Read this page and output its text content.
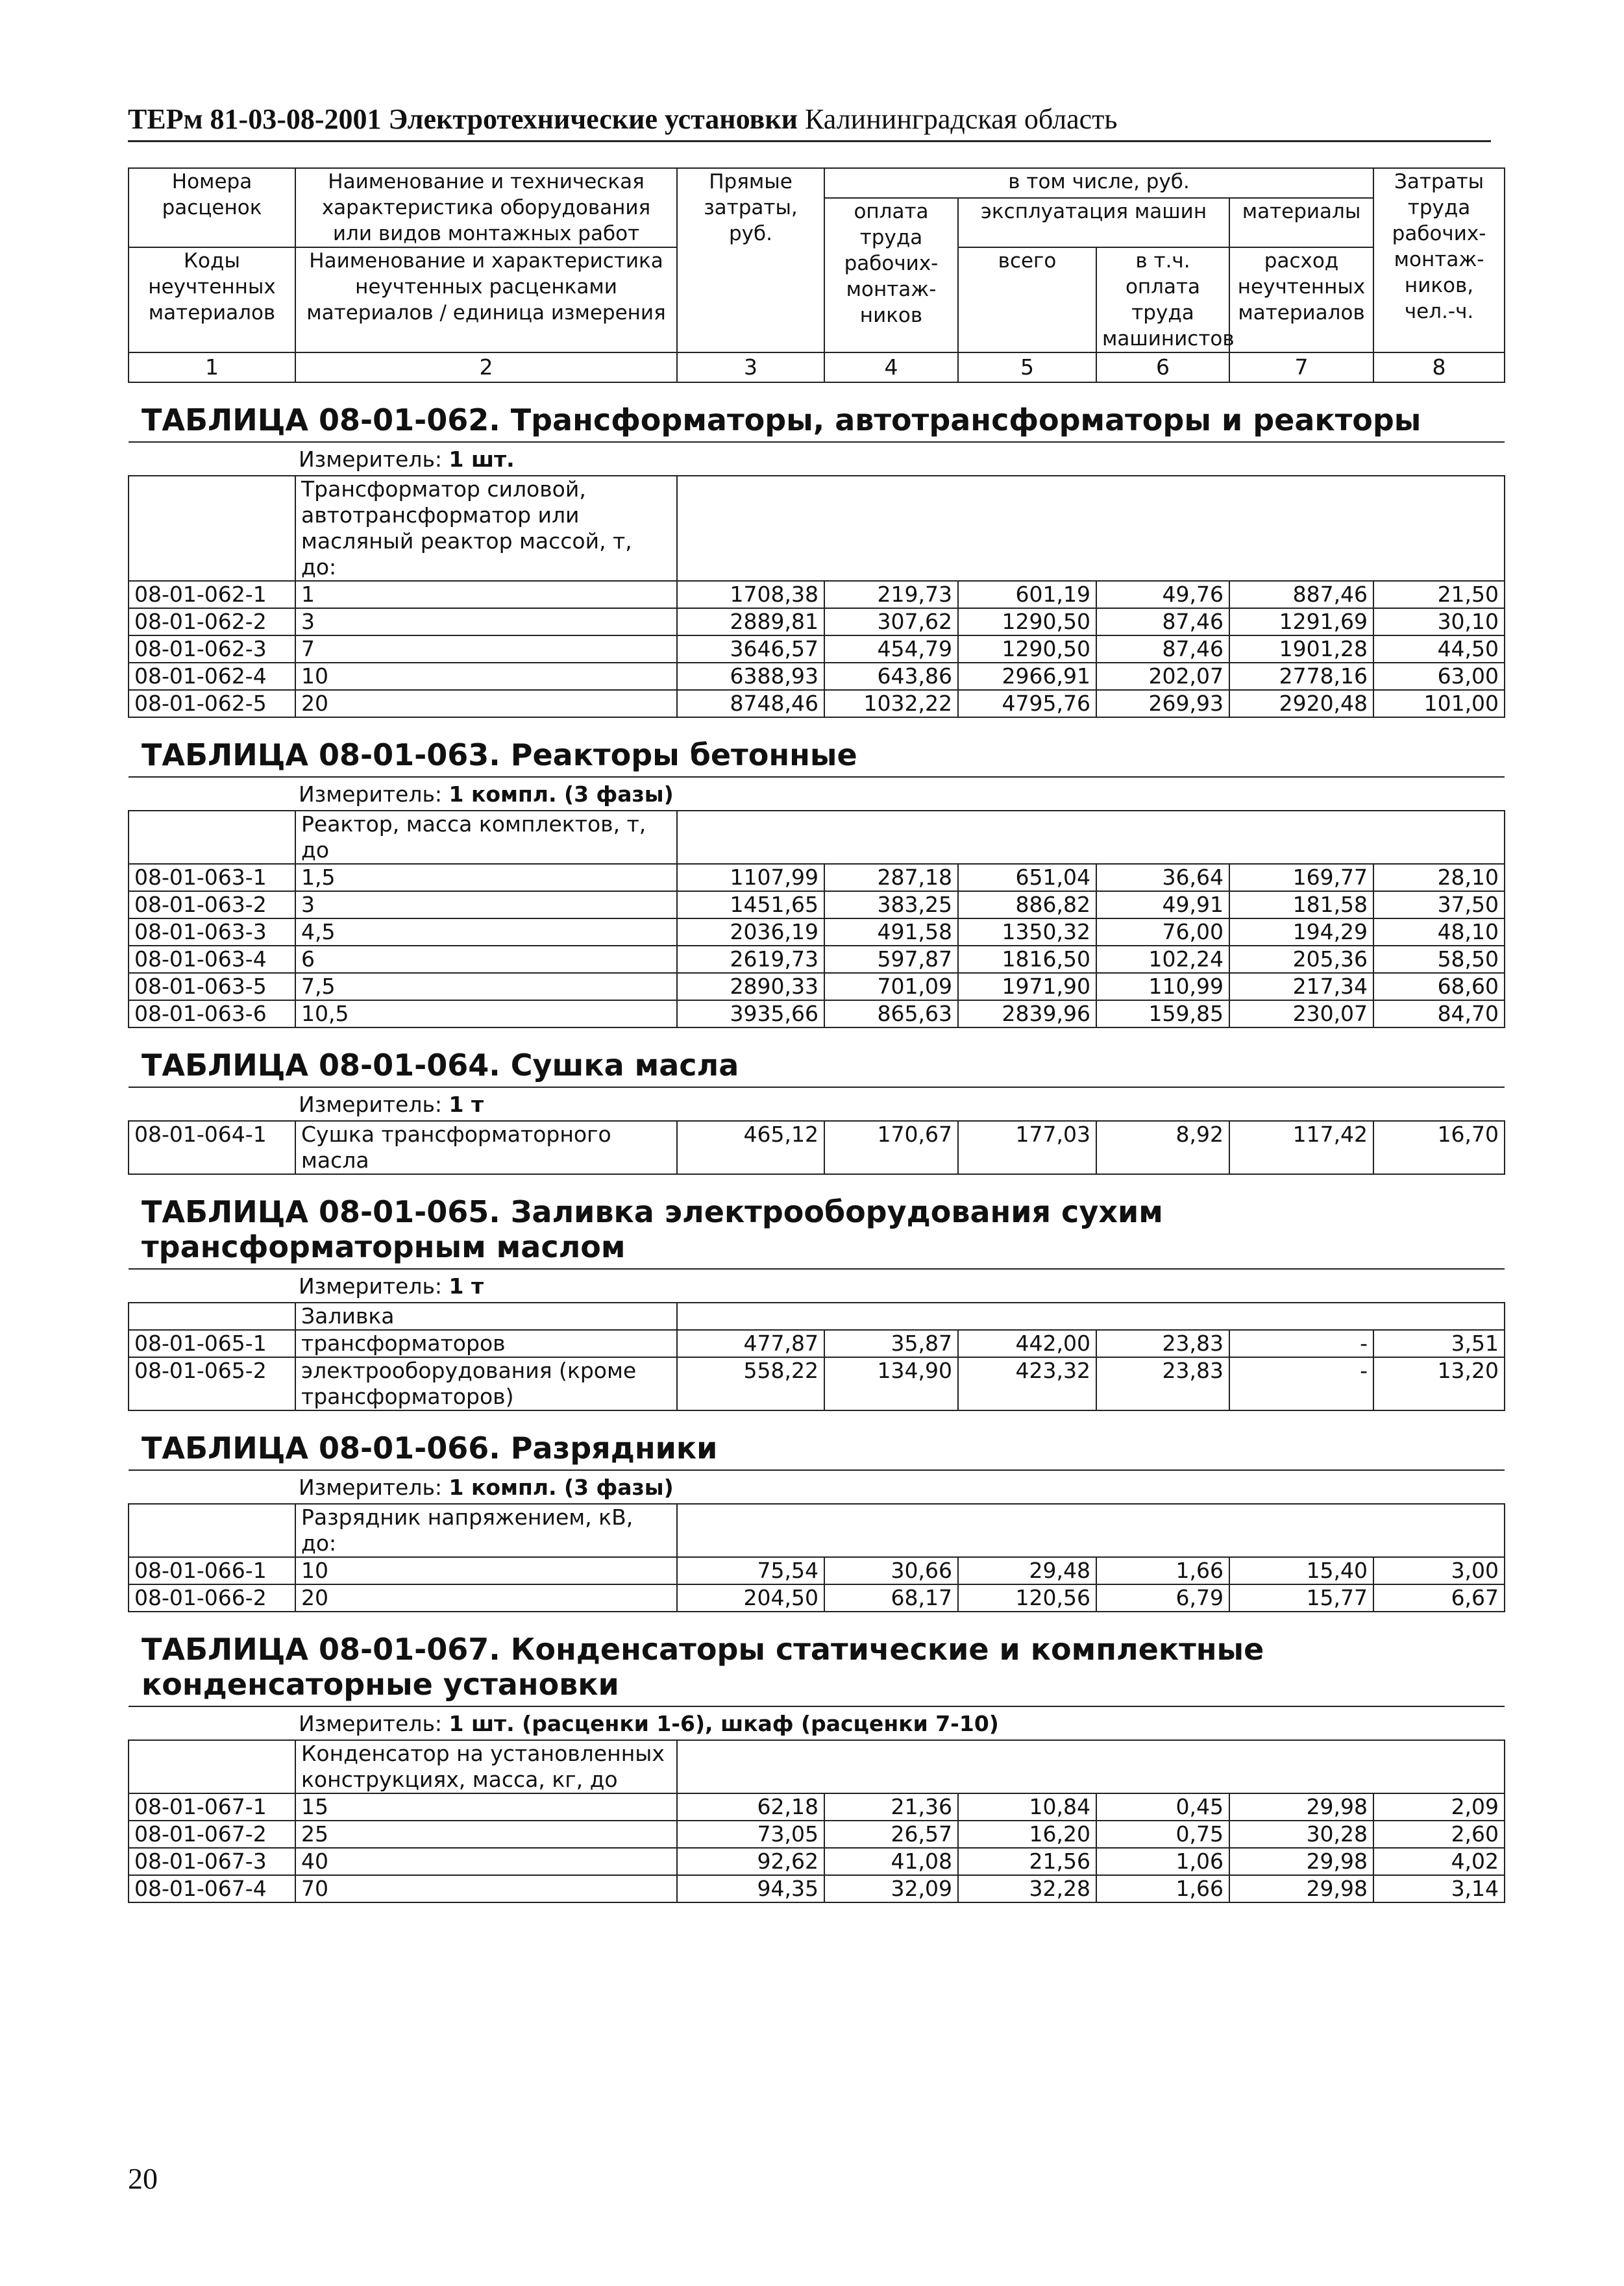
ТЕРм 81-03-08-2001 Электротехнические установки Калининградская область
Номера расценок	Наименование и техническая характеристика оборудования или видов монтажных работ	Прямые затраты, руб.	в том числе, руб.				Затраты труда рабочих-монтаж-ников, чел.-ч.
			оплата труда рабочих-монтаж-ников	эксплуатация машин		материалы	
Коды неучтенных материалов	Наименование и характеристика неучтенных расценками материалов / единица измерения			всего	в т.ч. оплата труда машинистов	расход неучтенных материалов	

1	2	3	4	5	6	7	8
ТАБЛИЦА 08-01-062. Трансформаторы, автотрансформаторы и реакторы							
Измеритель: 1 шт.							
	Трансформатор силовой, автотрансформатор или масляный реактор массой, т, до:						
08-01-062-1	1	1708,38	219,73	601,19	49,76	887,46	21,50
08-01-062-2	3	2889,81	307,62	1290,50	87,46	1291,69	30,10
08-01-062-3	7	3646,57	454,79	1290,50	87,46	1901,28	44,50
08-01-062-4	10	6388,93	643,86	2966,91	202,07	2778,16	63,00
08-01-062-5	20	8748,46	1032,22	4795,76	269,93	2920,48	101,00
ТАБЛИЦА 08-01-063. Реакторы бетонные							
Измеритель: 1 компл. (3 фазы)							
	Реактор, масса комплектов, т, до						
08-01-063-1	1,5	1107,99	287,18	651,04	36,64	169,77	28,10
08-01-063-2	3	1451,65	383,25	886,82	49,91	181,58	37,50
08-01-063-3	4,5	2036,19	491,58	1350,32	76,00	194,29	48,10
08-01-063-4	6	2619,73	597,87	1816,50	102,24	205,36	58,50
08-01-063-5	7,5	2890,33	701,09	1971,90	110,99	217,34	68,60
08-01-063-6	10,5	3935,66	865,63	2839,96	159,85	230,07	84,70
ТАБЛИЦА 08-01-064. Сушка масла							
Измеритель: 1 т							
08-01-064-1	Сушка трансформаторного масла	465,12	170,67	177,03	8,92	117,42	16,70
ТАБЛИЦА 08-01-065. Заливка электрооборудования сухим трансформаторным маслом							
Измеритель: 1 т							
	Заливка						
08-01-065-1	трансформаторов	477,87	35,87	442,00	23,83	-	3,51
08-01-065-2	электрооборудования (кроме трансформаторов)	558,22	134,90	423,32	23,83	-	13,20
ТАБЛИЦА 08-01-066. Разрядники							
Измеритель: 1 компл. (3 фазы)							
	Разрядник напряжением, кВ, до:						
08-01-066-1	10	75,54	30,66	29,48	1,66	15,40	3,00
08-01-066-2	20	204,50	68,17	120,56	6,79	15,77	6,67
ТАБЛИЦА 08-01-067. Конденсаторы статические и комплектные конденсаторные установки							
Измеритель: 1 шт. (расценки 1-6), шкаф (расценки 7-10)							
	Конденсатор на установленных конструкциях, масса, кг, до						
08-01-067-1	15	62,18	21,36	10,84	0,45	29,98	2,09
08-01-067-2	25	73,05	26,57	16,20	0,75	30,28	2,60
08-01-067-3	40	92,62	41,08	21,56	1,06	29,98	4,02
08-01-067-4	70	94,35	32,09	32,28	1,66	29,98	3,14
20
